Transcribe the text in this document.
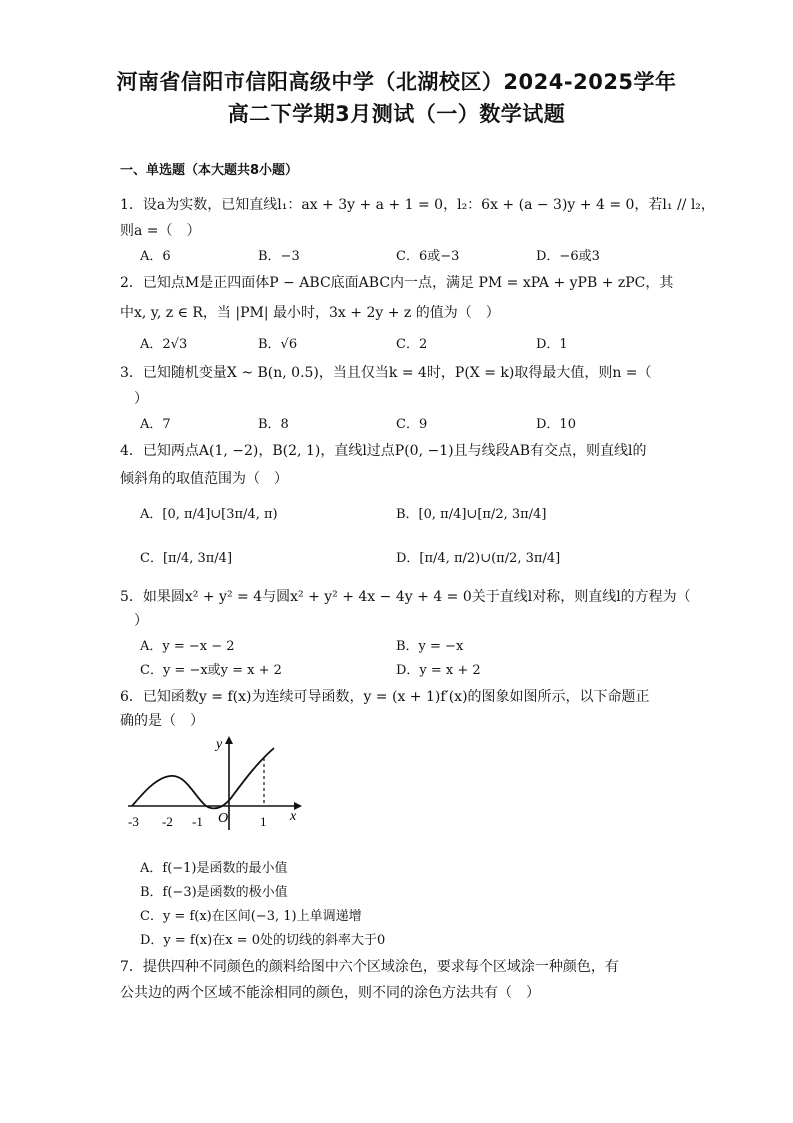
河南省信阳市信阳高级中学（北湖校区）2024-2025学年
高二下学期3月测试（一）数学试题
一、单选题（本大题共8小题）
1．设a为实数，已知直线l₁：ax + 3y + a + 1 = 0，l₂：6x + (a − 3)y + 4 = 0，若l₁ // l₂，
则a =（　）
A．6	B．−3	C．6或−3	D．−6或3
2．已知点M是正四面体P − ABC底面ABC内一点，满足 PM = xPA + yPB + zPC，其
中x, y, z ∈ R，当 |PM| 最小时，3x + 2y + z 的值为（　）
A．2√3	B．√6	C．2	D．1
3．已知随机变量X ~ B(n, 0.5)，当且仅当k = 4时，P(X = k)取得最大值，则n =（
　）
A．7	B．8	C．9	D．10
4．已知两点A(1, −2)，B(2, 1)，直线l过点P(0, −1)且与线段AB有交点，则直线l的
倾斜角的取值范围为（　）
A．[0, π/4]∪[3π/4, π)	B．[0, π/4]∪[π/2, 3π/4]
C．[π/4, 3π/4]	D．[π/4, π/2)∪(π/2, 3π/4]
5．如果圆x² + y² = 4与圆x² + y² + 4x − 4y + 4 = 0关于直线l对称，则直线l的方程为（
　）
A．y = −x − 2	B．y = −x
C．y = −x或y = x + 2	D．y = x + 2
6．已知函数y = f(x)为连续可导函数，y = (x + 1)f′(x)的图象如图所示，以下命题正
确的是（　）
y
x
O
-3 -2 -1	1
A．f(−1)是函数的最小值
B．f(−3)是函数的极小值
C．y = f(x)在区间(−3, 1)上单调递增
D．y = f(x)在x = 0处的切线的斜率大于0
7．提供四种不同颜色的颜料给图中六个区域涂色，要求每个区域涂一种颜色，有
公共边的两个区域不能涂相同的颜色，则不同的涂色方法共有（　）
